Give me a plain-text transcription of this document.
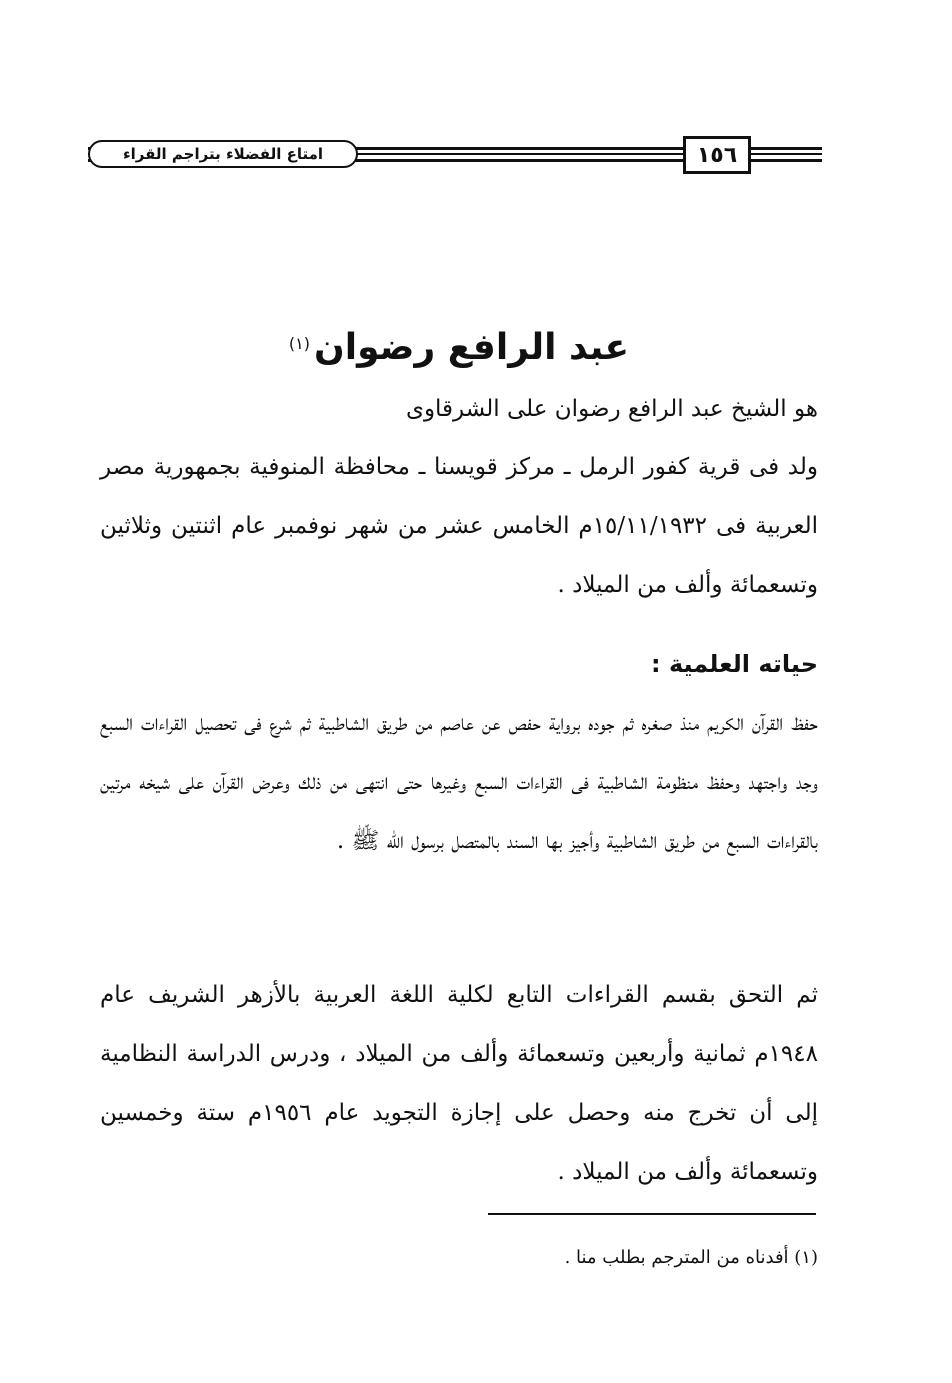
امتاع الفضلاء بتراجم القراء	١٥٦
عبد الرافع رضوان$^{(١)}$

هو الشيخ عبد الرافع رضوان على الشرقاوى

ولد فى قرية كفور الرمل ـ مركز قويسنا ـ محافظة المنوفية بجمهورية مصر العربية فى ١٥/١١/١٩٣٢م الخامس عشر من شهر نوفمبر عام اثنتين وثلاثين وتسعمائة وألف من الميلاد .

حياته العلمية :

حفظ القرآن الكريم منذ صغره ثم جوده برواية حفص عن عاصم من طريق الشاطبية ثم شرع فى تحصيل القراءات السبع وجد واجتهد وحفظ منظومة الشاطبية فى القراءات السبع وغيرها حتى انتهى من ذلك وعرض القرآن على شيخه مرتين بالقراءات السبع من طريق الشاطبية وأجيز بها السند بالمتصل برسول الله ﷺ .

ثم التحق بقسم القراءات التابع لكلية اللغة العربية بالأزهر الشريف عام ١٩٤٨م ثمانية وأربعين وتسعمائة وألف من الميلاد ، ودرس الدراسة النظامية إلى أن تخرج منه وحصل على إجازة التجويد عام ١٩٥٦م ستة وخمسين وتسعمائة وألف من الميلاد .

(١) أفدناه من المترجم بطلب منا .
